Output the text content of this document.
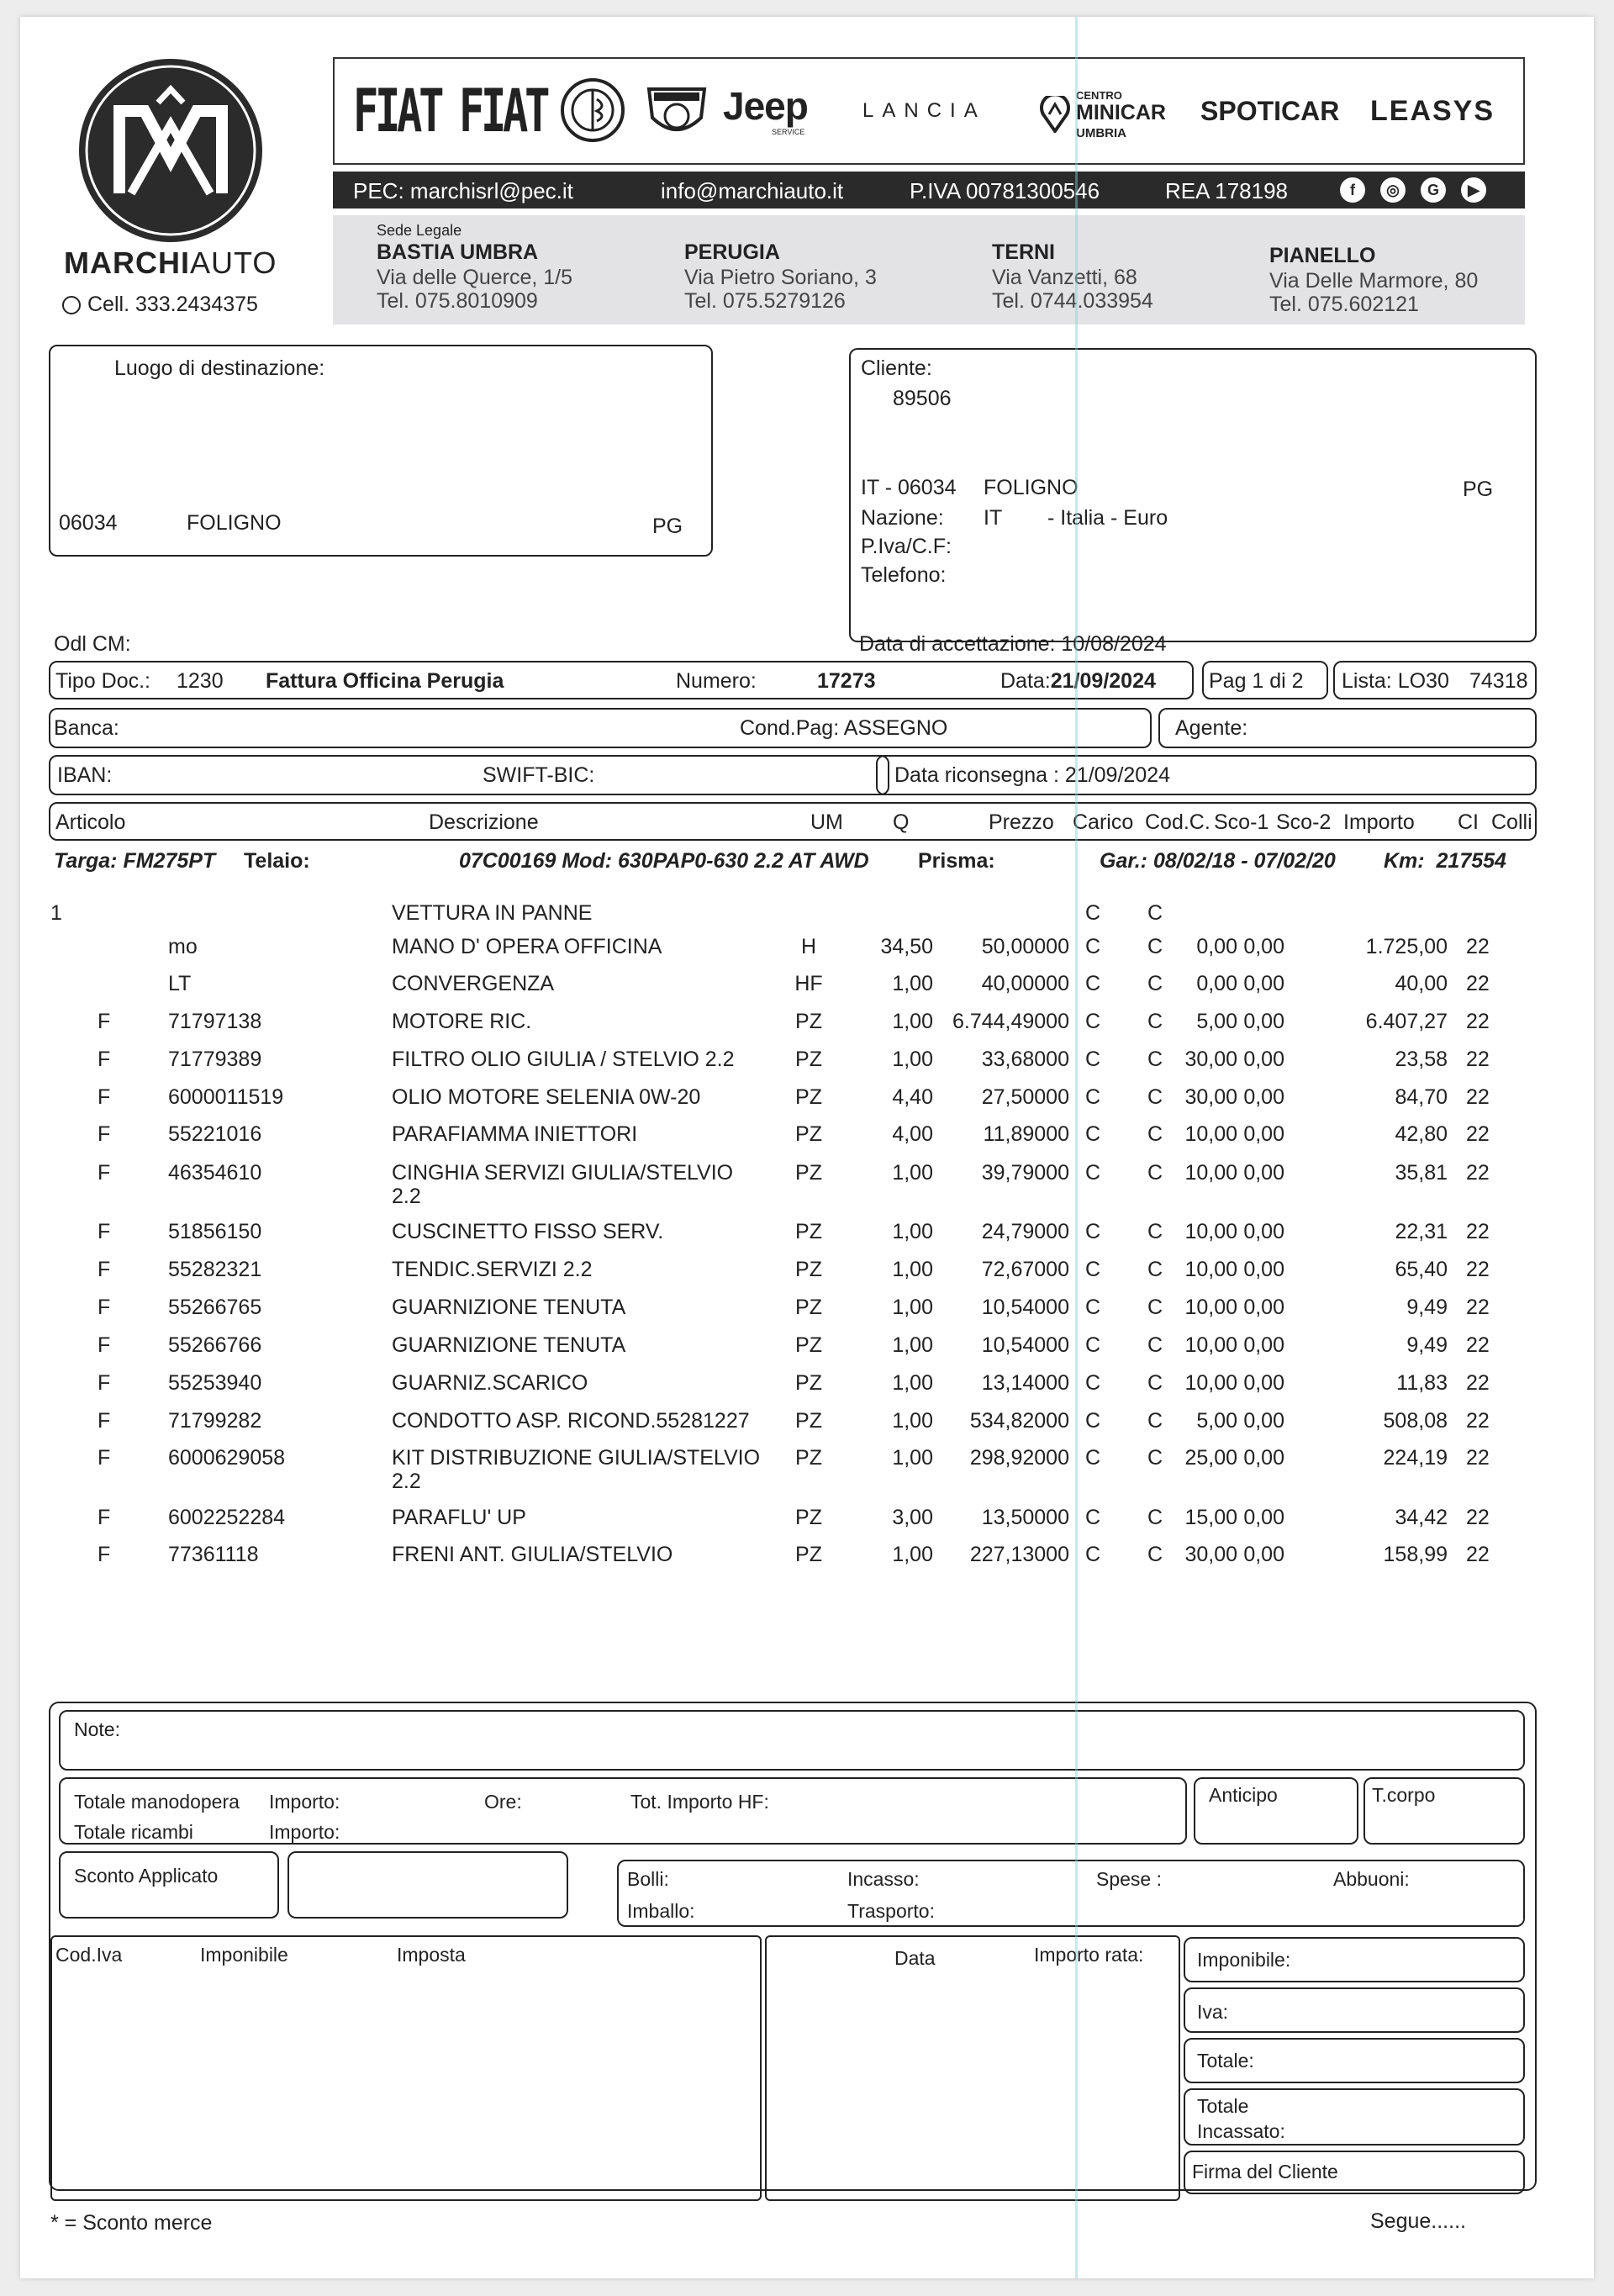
MARCHIAUTO
Cell. 333.2434375
FIAT FIAT	Jeep
SERVICE
LANCIA
CENTRO
MINICAR
UMBRIA
SPOTICAR LEASYS
PEC: marchisrl@pec.it	info@marchiauto.it	P.IVA 00781300546	REA 178198	f	◎	G	▶
Sede Legale
BASTIA UMBRA
Via delle Querce, 1/5
Tel. 075.8010909
PERUGIA
Via Pietro Soriano, 3
Tel. 075.5279126
TERNI
Via Vanzetti, 68
Tel. 0744.033954
PIANELLO
Via Delle Marmore, 80
Tel. 075.602121
Luogo di destinazione:
06034	FOLIGNO	PG
Cliente:
89506
IT - 06034 FOLIGNO	PG
Nazione: IT - Italia - Euro
P.Iva/C.F:
Telefono:
Odl CM:	Data di accettazione: 10/08/2024
Tipo Doc.: 1230 Fattura Officina Perugia	Numero:	17273	Data:21/09/2024	Pag 1 di 2 Lista: LO30 74318
Banca:	Cond.Pag: ASSEGNO	Agente:
IBAN:	SWIFT-BIC:	Data riconsegna : 21/09/2024
Articolo	Descrizione	UM Q	Prezzo Carico Cod.C. Sco-1 Sco-2 Importo CI Colli
Targa: FM275PT Telaio:	07C00169 Mod: 630PAP0-630 2.2 AT AWD Prisma:	Gar.: 08/02/18 - 07/02/20 Km: 217554
1	VETTURA IN PANNE	C	C
mo	MANO D' OPERA OFFICINA	H	34,50 50,00000 C	C	0,00 0,00	1.725,00 22
LT	CONVERGENZA	HF	1,00 40,00000 C	C	0,00 0,00	40,00 22
F	71797138	MOTORE RIC.	PZ	1,00 6.744,49000 C	C	5,00 0,00	6.407,27 22
F	71779389	FILTRO OLIO GIULIA / STELVIO 2.2	PZ	1,00 33,68000 C	C	30,00 0,00	23,58 22
F	6000011519	OLIO MOTORE SELENIA 0W-20	PZ	4,40 27,50000 C	C	30,00 0,00	84,70 22
F	55221016	PARAFIAMMA INIETTORI	PZ	4,00 11,89000 C	C	10,00 0,00	42,80 22
F	46354610	CINGHIA SERVIZI GIULIA/STELVIO	PZ	1,00 39,79000 C	C	10,00 0,00	35,81 22
2.2
F	51856150	CUSCINETTO FISSO SERV.	PZ	1,00 24,79000 C	C	10,00 0,00	22,31 22
F	55282321	TENDIC.SERVIZI 2.2	PZ	1,00 72,67000 C	C	10,00 0,00	65,40 22
F	55266765	GUARNIZIONE TENUTA	PZ	1,00 10,54000 C	C	10,00 0,00	9,49 22
F	55266766	GUARNIZIONE TENUTA	PZ	1,00 10,54000 C	C	10,00 0,00	9,49 22
F	55253940	GUARNIZ.SCARICO	PZ	1,00 13,14000 C	C	10,00 0,00	11,83 22
F	71799282	CONDOTTO ASP. RICOND.55281227 PZ	1,00 534,82000 C	C	5,00 0,00	508,08 22
F	6000629058	KIT DISTRIBUZIONE GIULIA/STELVIO PZ	1,00 298,92000 C	C	25,00 0,00	224,19 22
2.2
F	6002252284	PARAFLU' UP	PZ	3,00 13,50000 C	C	15,00 0,00	34,42 22
F	77361118	FRENI ANT. GIULIA/STELVIO	PZ	1,00 227,13000 C	C	30,00 0,00	158,99 22
Note:
Totale manodopera Importo:	Ore:	Tot. Importo HF:
Totale ricambi	Importo:
Anticipo	T.corpo
Sconto Applicato	Bolli:
Imballo:
Incasso:
Trasporto:
Spese :	Abbuoni:
Cod.Iva	Imponibile	Imposta	Data	Importo rata:	Imponibile:
Iva:
Totale:
Totale
Incassato:
Firma del Cliente
* = Sconto merce	Segue......
